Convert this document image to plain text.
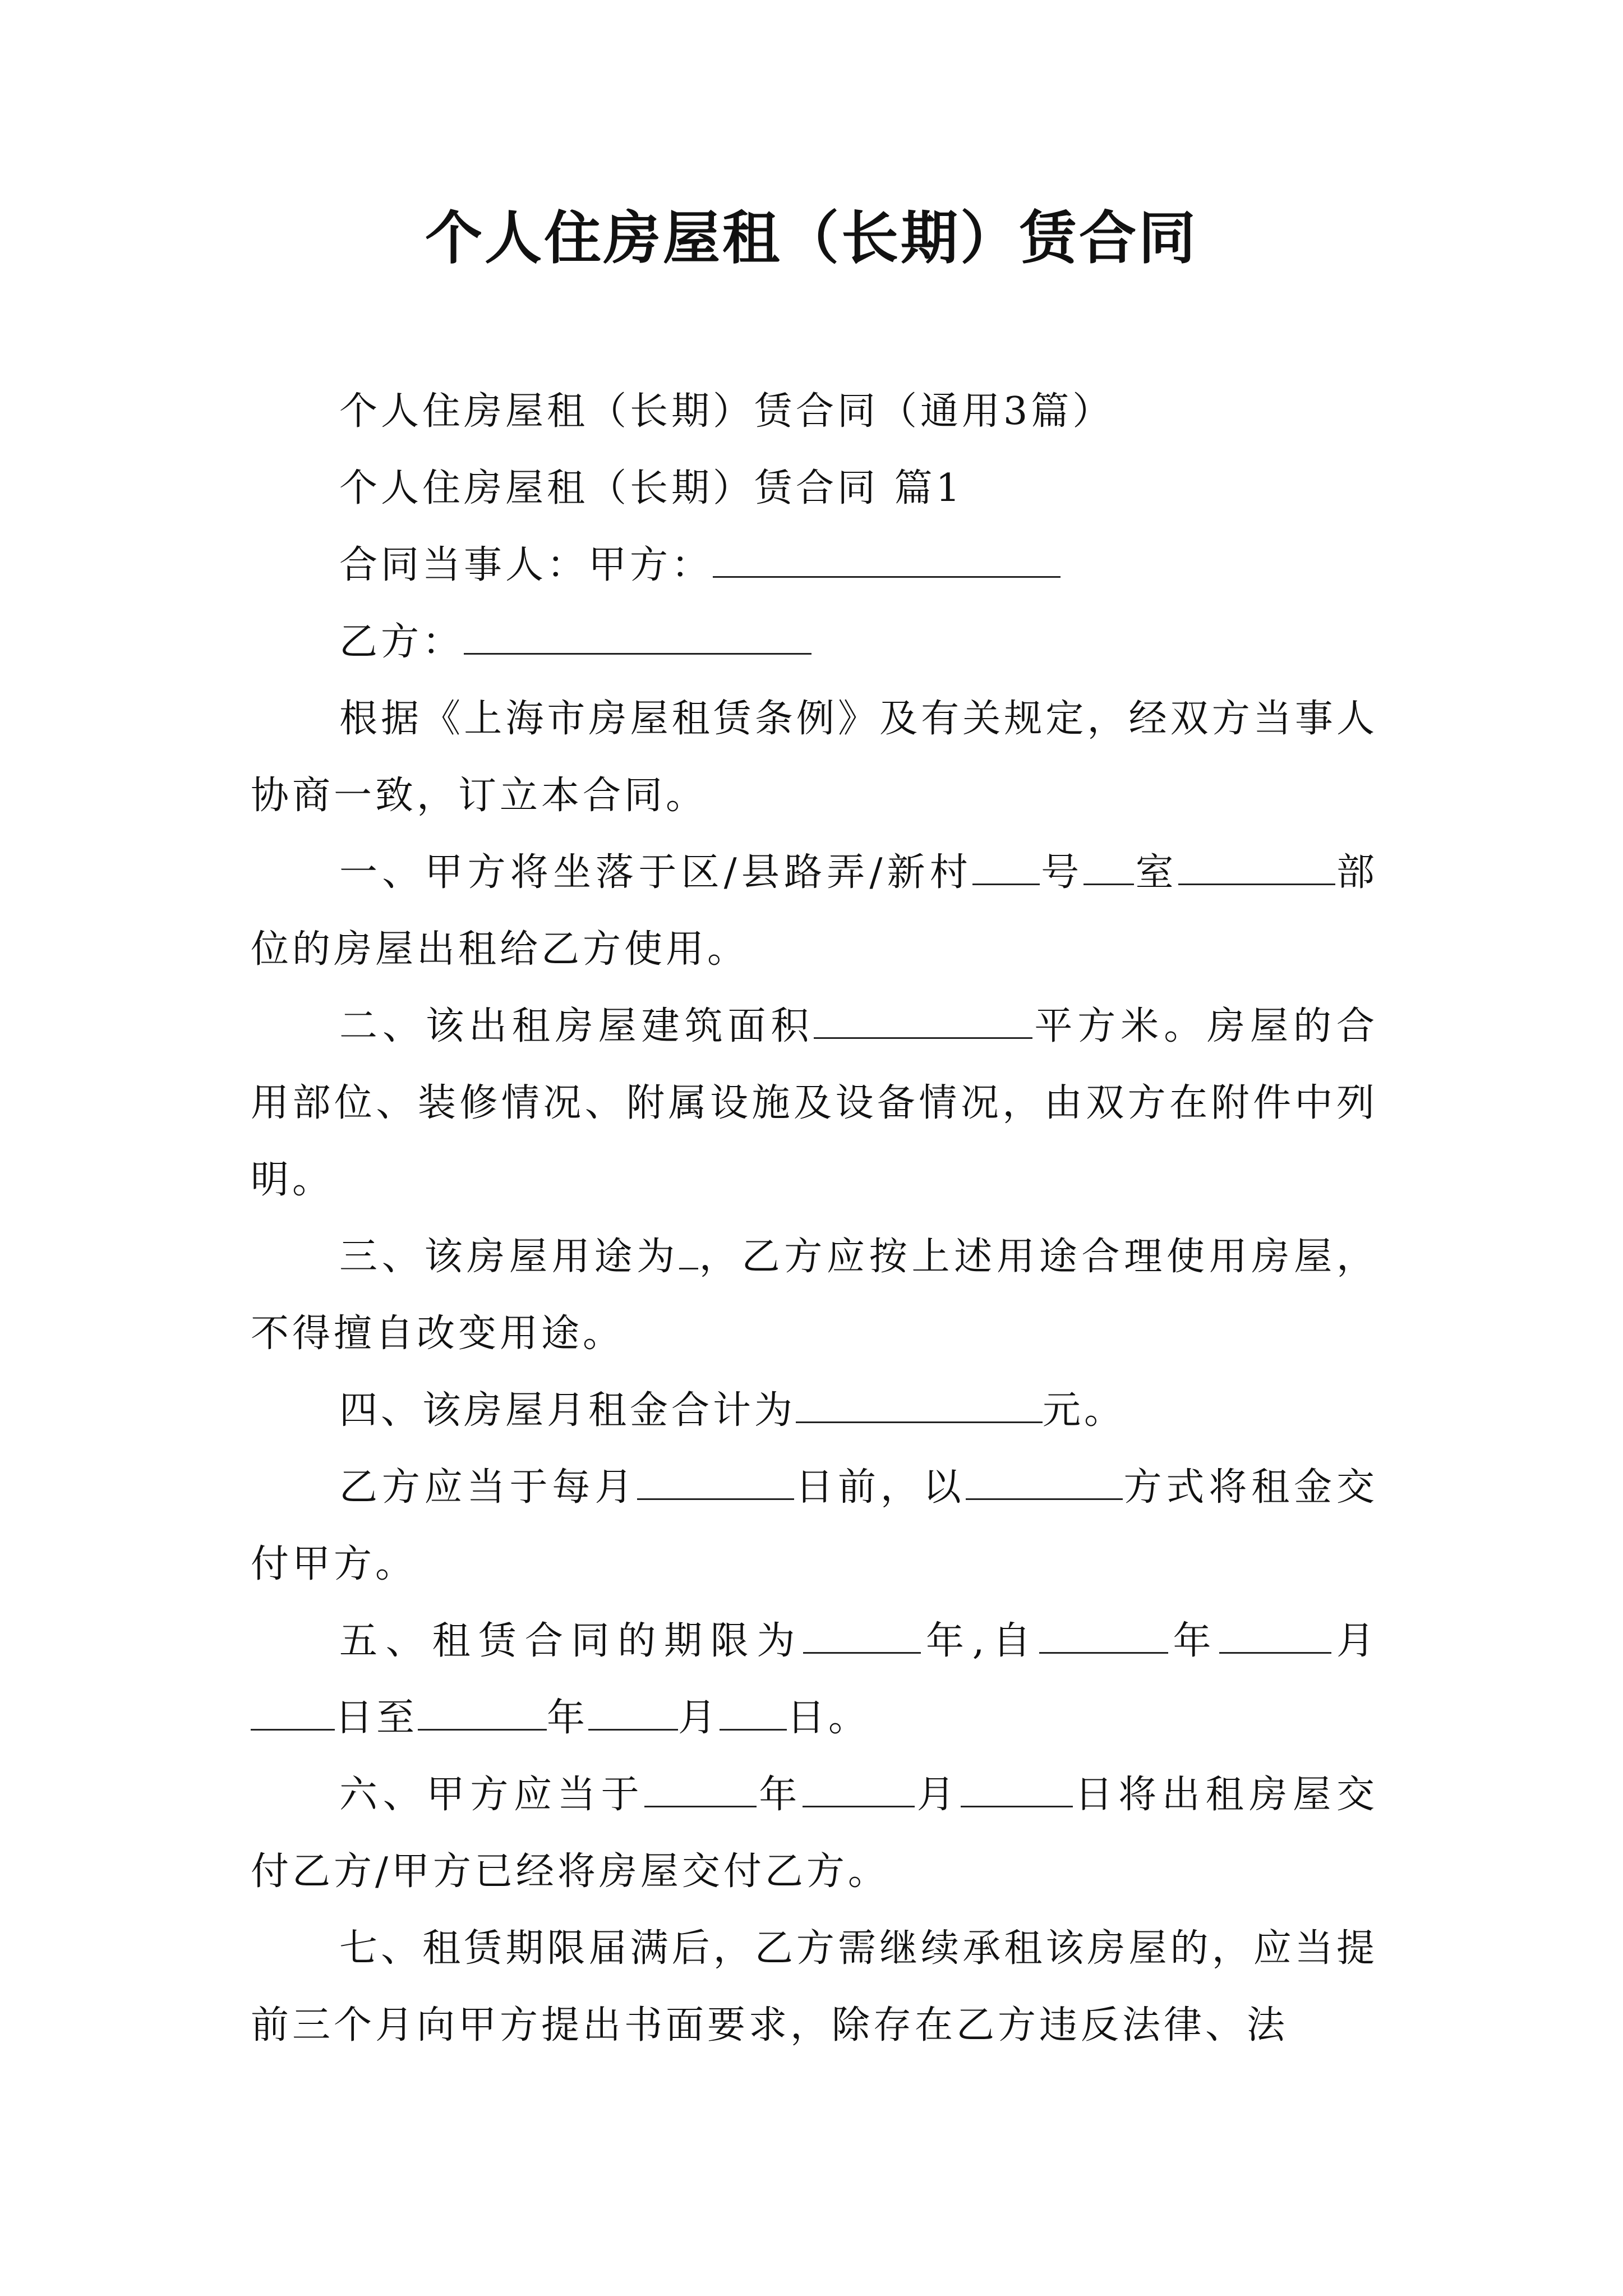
个人住房屋租（长期）赁合同

个人住房屋租（长期）赁合同（通用3篇）

个人住房屋租（长期）赁合同 篇1

合同当事人：甲方：

乙方：

根据《上海市房屋租赁条例》及有关规定，经双方当事人协商一致，订立本合同。

一、甲方将坐落于区/县路弄/新村 号 室	部位的房屋出租给乙方使用。

二、该出租房屋建筑面积	平方米。房屋的合用部位、装修情况、附属设施及设备情况，由双方在附件中列明。

三、该房屋用途为 ，乙方应按上述用途合理使用房屋，不得擅自改变用途。

四、该房屋月租金合计为	元。

乙方应当于每月	日前，以	方式将租金交付甲方。

五、租赁合同的期限为	年,自	年	月日至	年 月 日。

六、甲方应当于	年	月	日将出租房屋交付乙方/甲方已经将房屋交付乙方。

七、租赁期限届满后，乙方需继续承租该房屋的，应当提前三个月向甲方提出书面要求，除存在乙方违反法律、法
